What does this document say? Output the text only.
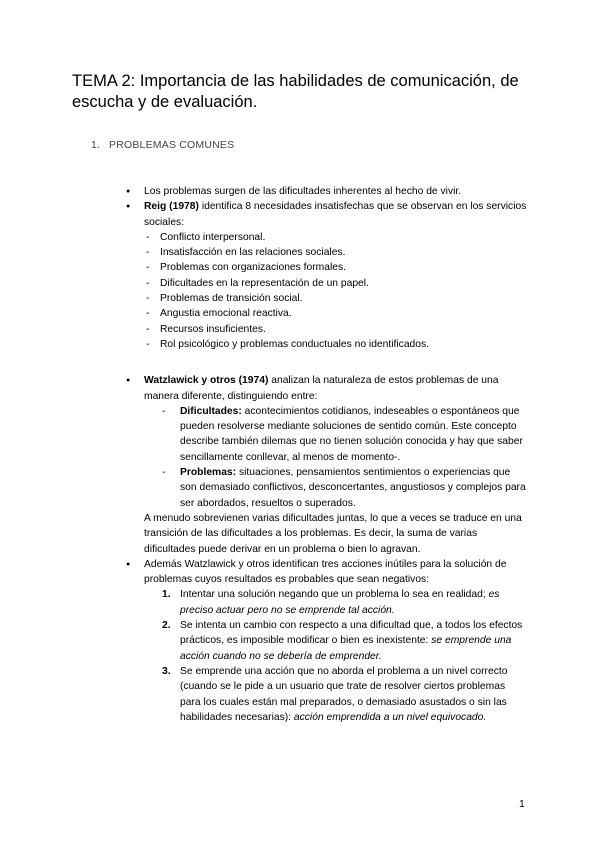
TEMA 2: Importancia de las habilidades de comunicación, de escucha y de evaluación.
1. PROBLEMAS COMUNES
● Los problemas surgen de las dificultades inherentes al hecho de vivir.
● Reig (1978) identifica 8 necesidades insatisfechas que se observan en los servicios sociales:
- Conflicto interpersonal.
- Insatisfacción en las relaciones sociales.
- Problemas con organizaciones formales.
- Dificultades en la representación de un papel.
- Problemas de transición social.
- Angustia emocional reactiva.
- Recursos insuficientes.
- Rol psicológico y problemas conductuales no identificados.
● Watzlawick y otros (1974) analizan la naturaleza de estos problemas de una manera diferente, distinguiendo entre:
- Dificultades: acontecimientos cotidianos, indeseables o espontáneos que pueden resolverse mediante soluciones de sentido común. Este concepto describe también dilemas que no tienen solución conocida y hay que saber sencillamente conllevar, al menos de momento-.
- Problemas: situaciones, pensamientos sentimientos o experiencias que son demasiado conflictivos, desconcertantes, angustiosos y complejos para ser abordados, resueltos o superados.
A menudo sobrevienen varias dificultades juntas, lo que a veces se traduce en una transición de las dificultades a los problemas. Es decir, la suma de varias dificultades puede derivar en un problema o bien lo agravan.
● Además Watzlawick y otros identifican tres acciones inútiles para la solución de problemas cuyos resultados es probables que sean negativos:
1. Intentar una solución negando que un problema lo sea en realidad; es preciso actuar pero no se emprende tal acción.
2. Se intenta un cambio con respecto a una dificultad que, a todos los efectos prácticos, es imposible modificar o bien es inexistente: se emprende una acción cuando no se debería de emprender.
3. Se emprende una acción que no aborda el problema a un nivel correcto (cuando se le pide a un usuario que trate de resolver ciertos problemas para los cuales están mal preparados, o demasiado asustados o sin las habilidades necesarias): acción emprendida a un nivel equivocado.
1
